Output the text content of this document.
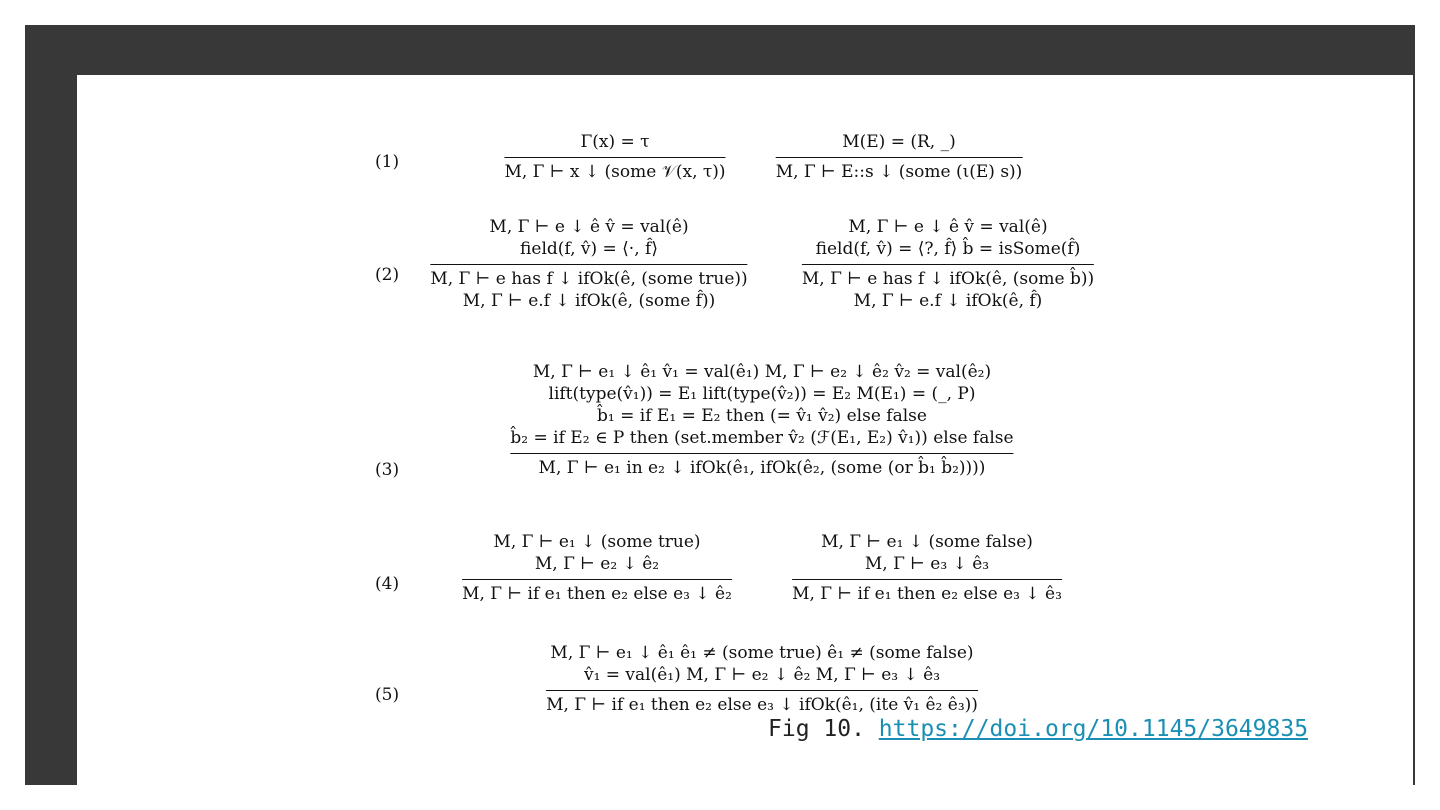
(1)
Γ(x) = τ
M, Γ ⊢ x ↓ (some 𝒱(x, τ))
M(E) = (R, _)
M, Γ ⊢ E::s ↓ (some (ι(E) s))
(2)
M, Γ ⊢ e ↓ ê v̂ = val(ê)
field(f, v̂) = ⟨·, f̂⟩
M, Γ ⊢ e has f ↓ ifOk(ê, (some true))
M, Γ ⊢ e.f ↓ ifOk(ê, (some f̂))
M, Γ ⊢ e ↓ ê v̂ = val(ê)
field(f, v̂) = ⟨?, f̂⟩ b̂ = isSome(f̂)
M, Γ ⊢ e has f ↓ ifOk(ê, (some b̂))
M, Γ ⊢ e.f ↓ ifOk(ê, f̂)
(3)
M, Γ ⊢ e₁ ↓ ê₁ v̂₁ = val(ê₁) M, Γ ⊢ e₂ ↓ ê₂ v̂₂ = val(ê₂)
lift(type(v̂₁)) = E₁ lift(type(v̂₂)) = E₂ M(E₁) = (_, P)
b̂₁ = if E₁ = E₂ then (= v̂₁ v̂₂) else false
b̂₂ = if E₂ ∈ P then (set.member v̂₂ (ℱ(E₁, E₂) v̂₁)) else false
M, Γ ⊢ e₁ in e₂ ↓ ifOk(ê₁, ifOk(ê₂, (some (or b̂₁ b̂₂))))
(4)
M, Γ ⊢ e₁ ↓ (some true)
M, Γ ⊢ e₂ ↓ ê₂
M, Γ ⊢ if e₁ then e₂ else e₃ ↓ ê₂
M, Γ ⊢ e₁ ↓ (some false)
M, Γ ⊢ e₃ ↓ ê₃
M, Γ ⊢ if e₁ then e₂ else e₃ ↓ ê₃
(5)
M, Γ ⊢ e₁ ↓ ê₁ ê₁ ≠ (some true) ê₁ ≠ (some false)
v̂₁ = val(ê₁) M, Γ ⊢ e₂ ↓ ê₂ M, Γ ⊢ e₃ ↓ ê₃
M, Γ ⊢ if e₁ then e₂ else e₃ ↓ ifOk(ê₁, (ite v̂₁ ê₂ ê₃))
Fig 10. https://doi.org/10.1145/3649835
